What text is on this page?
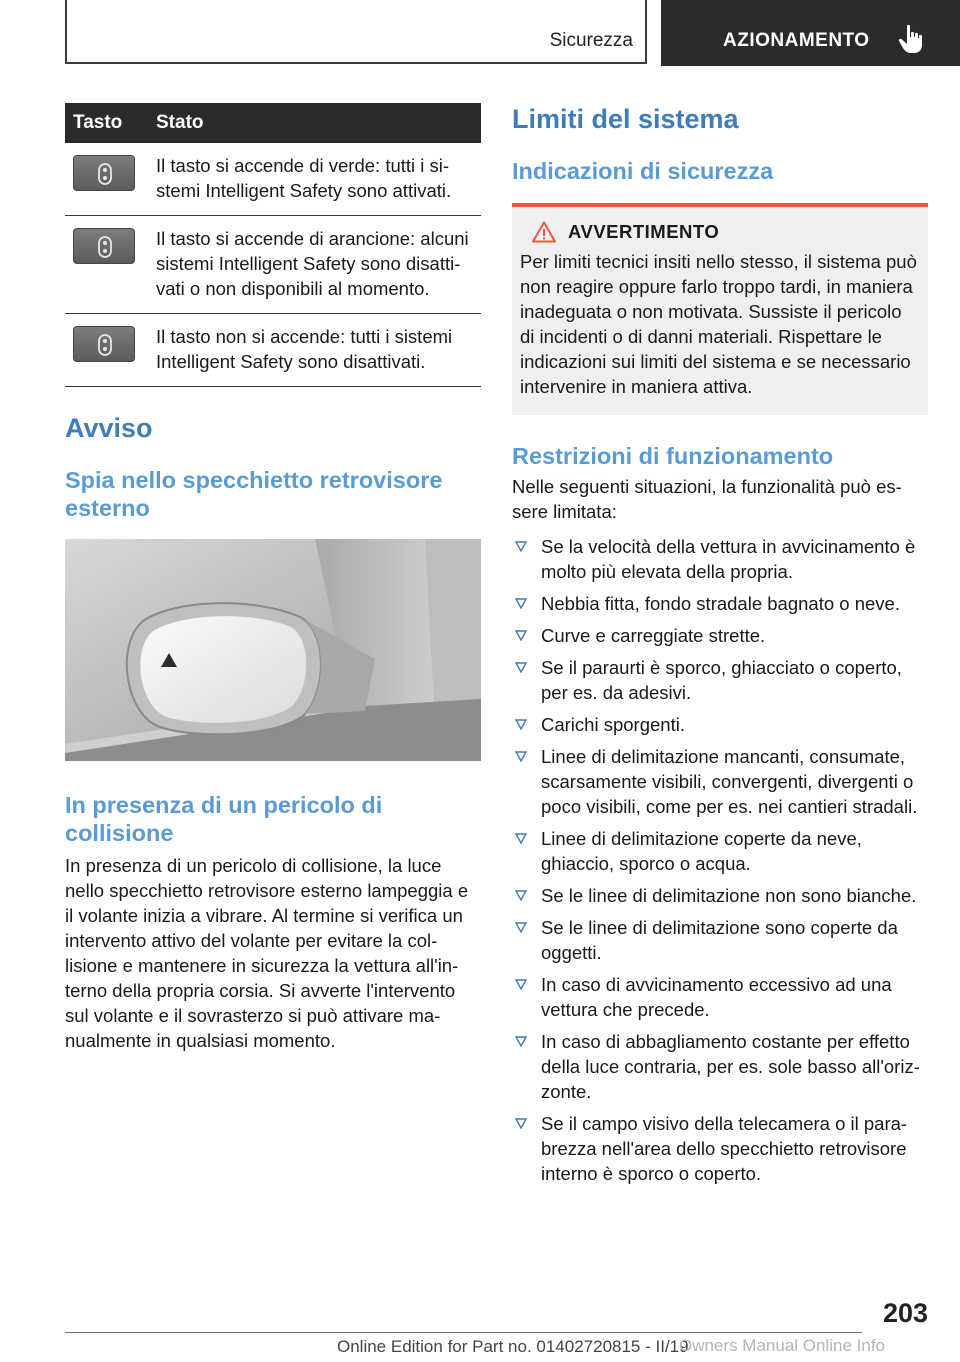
Sicurezza	AZIONAMENTO
Tasto	Stato

	Il tasto si accende di verde: tutti i sistemi Intelligent Safety sono attivati.

	Il tasto si accende di arancione: alcuni sistemi Intelligent Safety sono disattivati o non disponibili al momento.

	Il tasto non si accende: tutti i sistemi Intelligent Safety sono disattivati.
Avviso
Spia nello specchietto retrovisore esterno
In presenza di un pericolo di collisione

In presenza di un pericolo di collisione, la luce nello specchietto retrovisore esterno lampeggia e il volante inizia a vibrare. Al termine si verifica un intervento attivo del volante per evitare la collisione e mantenere in sicurezza la vettura all'interno della propria corsia. Si avverte l'intervento sul volante e il sovrasterzo si può attivare manualmente in qualsiasi momento.

Limiti del sistema
Indicazioni di sicurezza
AVVERTIMENTO
Per limiti tecnici insiti nello stesso, il sistema può non reagire oppure farlo troppo tardi, in maniera inadeguata o non motivata. Sussiste il pericolo di incidenti o di danni materiali. Rispettare le indicazioni sui limiti del sistema e se necessario intervenire in maniera attiva.
Restrizioni di funzionamento

Nelle seguenti situazioni, la funzionalità può essere limitata:

Se la velocità della vettura in avvicinamento è molto più elevata della propria.
Nebbia fitta, fondo stradale bagnato o neve.
Curve e carreggiate strette.
Se il paraurti è sporco, ghiacciato o coperto, per es. da adesivi.
Carichi sporgenti.
Linee di delimitazione mancanti, consumate, scarsamente visibili, convergenti, divergenti o poco visibili, come per es. nei cantieri stradali.
Linee di delimitazione coperte da neve, ghiaccio, sporco o acqua.
Se le linee di delimitazione non sono bianche.
Se le linee di delimitazione sono coperte da oggetti.
In caso di avvicinamento eccessivo ad una vettura che precede.
In caso di abbagliamento costante per effetto della luce contraria, per es. sole basso all'orizzonte.
Se il campo visivo della telecamera o il parabrezza nell'area dello specchietto retrovisore interno è sporco o coperto.
203
Online Edition for Part no. 01402720815 - II/19
Owners Manual Online Info
